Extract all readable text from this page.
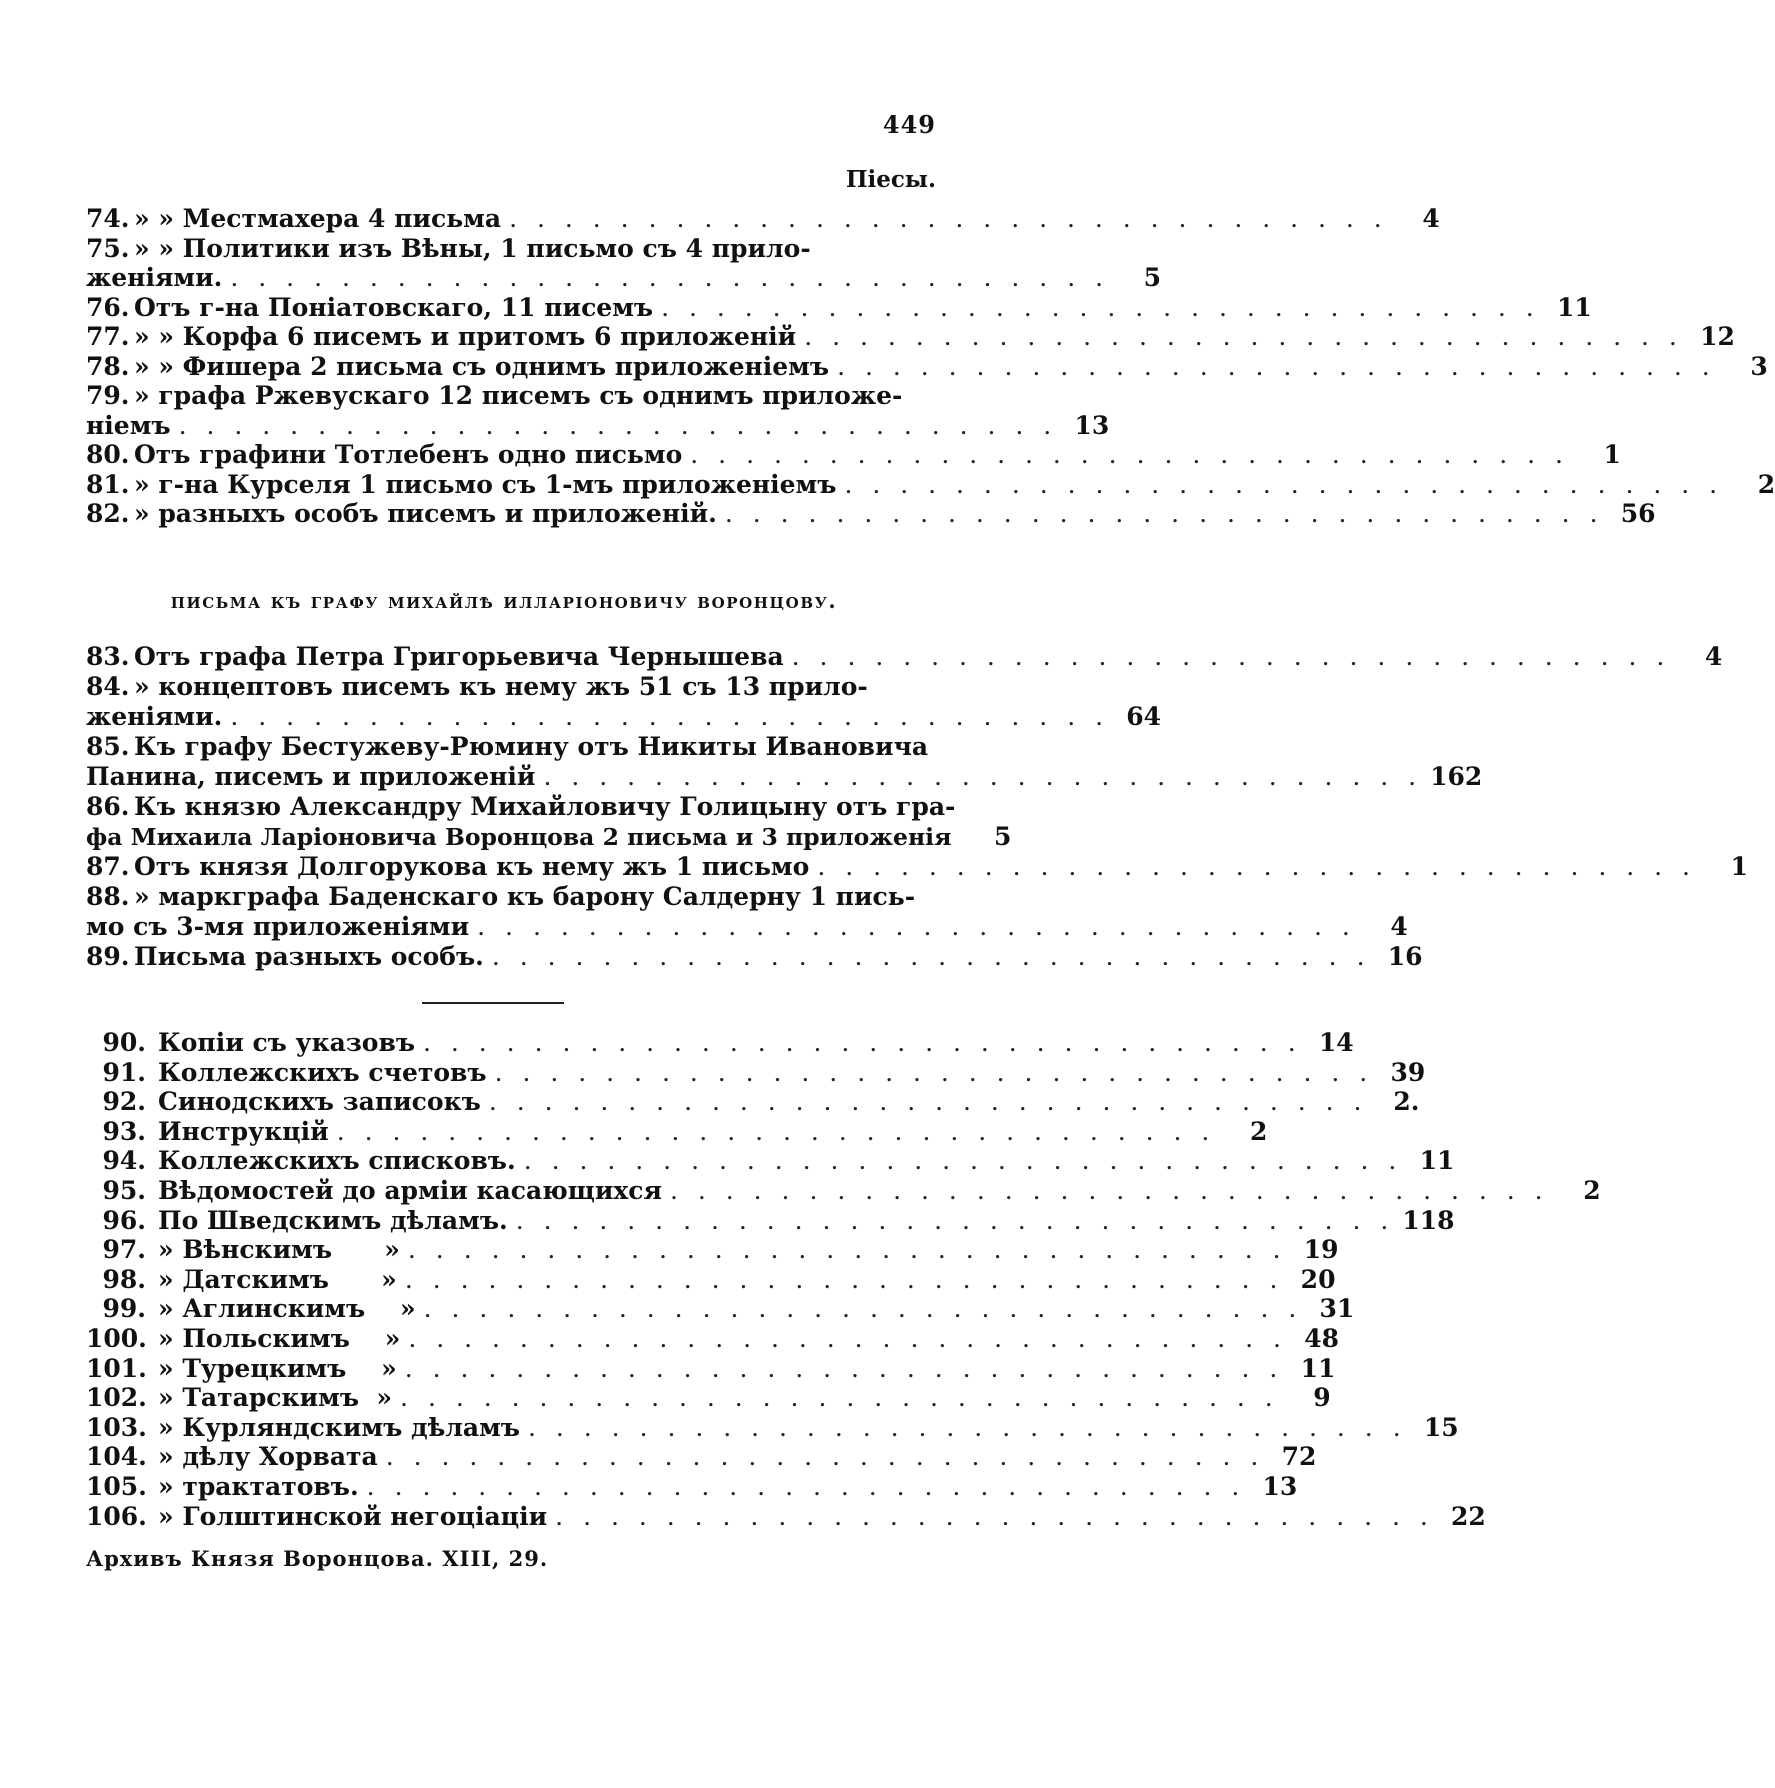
449
Піесы.
74. » » Местмахера 4 письма . . . . . . . . . . . . . . . . . . . . . . . . . . . . . . . .	4
75. » » Политики изъ Вѣны, 1 письмо съ 4 прило-
женіями. . . . . . . . . . . . . . . . . . . . . . . . . . . . . . . . .	5
76. Отъ г-на Поніатовскаго, 11 писемъ . . . . . . . . . . . . . . . . . . . . . . . . . . . . . . . . 11
77. » » Корфа 6 писемъ и притомъ 6 приложеній . . . . . . . . . . . . . . . . . . . . . . . . . . . . . . . . 12
78. » » Фишера 2 письма съ однимъ приложеніемъ . . . . . . . . . . . . . . . . . . . . . . . . . . . . . . . .	3
79. » графа Ржевускаго 12 писемъ съ однимъ приложе-
ніемъ . . . . . . . . . . . . . . . . . . . . . . . . . . . . . . . . 13
80. Отъ графини Тотлебенъ одно письмо . . . . . . . . . . . . . . . . . . . . . . . . . . . . . . . .	1
81. » г-на Курселя 1 письмо съ 1-мъ приложеніемъ . . . . . . . . . . . . . . . . . . . . . . . . . . . . . . . .	2
82. » разныхъ особъ писемъ и приложеній. . . . . . . . . . . . . . . . . . . . . . . . . . . . . . . . . 56
письма къ графу михайлѣ илларіоновичу воронцову.
83. Отъ графа Петра Григорьевича Чернышева . . . . . . . . . . . . . . . . . . . . . . . . . . . . . . . .	4
84. » концептовъ писемъ къ нему жъ 51 съ 13 прило-
женіями. . . . . . . . . . . . . . . . . . . . . . . . . . . . . . . . . 64
85. Къ графу Бестужеву-Рюмину отъ Никиты Ивановича
Панина, писемъ и приложеній . . . . . . . . . . . . . . . . . . . . . . . . . . . . . . . . 162
86. Къ князю Александру Михайловичу Голицыну отъ гра-
фа Михаила Ларіоновича Воронцова 2 письма и 3 приложенія	5
87. Отъ князя Долгорукова къ нему жъ 1 письмо . . . . . . . . . . . . . . . . . . . . . . . . . . . . . . . .	1
88. » маркграфа Баденскаго къ барону Салдерну 1 пись-
мо съ 3-мя приложеніями . . . . . . . . . . . . . . . . . . . . . . . . . . . . . . . .	4
89. Письма разныхъ особъ. . . . . . . . . . . . . . . . . . . . . . . . . . . . . . . . . 16
90. Копіи съ указовъ . . . . . . . . . . . . . . . . . . . . . . . . . . . . . . . . 14
91. Коллежскихъ счетовъ . . . . . . . . . . . . . . . . . . . . . . . . . . . . . . . . 39
92. Синодскихъ записокъ . . . . . . . . . . . . . . . . . . . . . . . . . . . . . . . .	2.
93. Инструкцій . . . . . . . . . . . . . . . . . . . . . . . . . . . . . . . .	2
94. Коллежскихъ списковъ. . . . . . . . . . . . . . . . . . . . . . . . . . . . . . . . . 11
95. Вѣдомостей до арміи касающихся . . . . . . . . . . . . . . . . . . . . . . . . . . . . . . . .	2
96. По Шведскимъ дѣламъ. . . . . . . . . . . . . . . . . . . . . . . . . . . . . . . . . 118
97. » Вѣнскимъ      » . . . . . . . . . . . . . . . . . . . . . . . . . . . . . . . . 19
98. » Датскимъ      » . . . . . . . . . . . . . . . . . . . . . . . . . . . . . . . . 20
99. » Аглинскимъ    » . . . . . . . . . . . . . . . . . . . . . . . . . . . . . . . . 31
100. » Польскимъ    » . . . . . . . . . . . . . . . . . . . . . . . . . . . . . . . . 48
101. » Турецкимъ    » . . . . . . . . . . . . . . . . . . . . . . . . . . . . . . . . 11
102. » Татарскимъ  » . . . . . . . . . . . . . . . . . . . . . . . . . . . . . . . .	9
103. » Курляндскимъ дѣламъ . . . . . . . . . . . . . . . . . . . . . . . . . . . . . . . . 15
104. » дѣлу Хорвата . . . . . . . . . . . . . . . . . . . . . . . . . . . . . . . . 72
105. » трактатовъ. . . . . . . . . . . . . . . . . . . . . . . . . . . . . . . . . 13
106. » Голштинской негоціаціи . . . . . . . . . . . . . . . . . . . . . . . . . . . . . . . . 22
Архивъ Князя Воронцова. XIII, 29.
